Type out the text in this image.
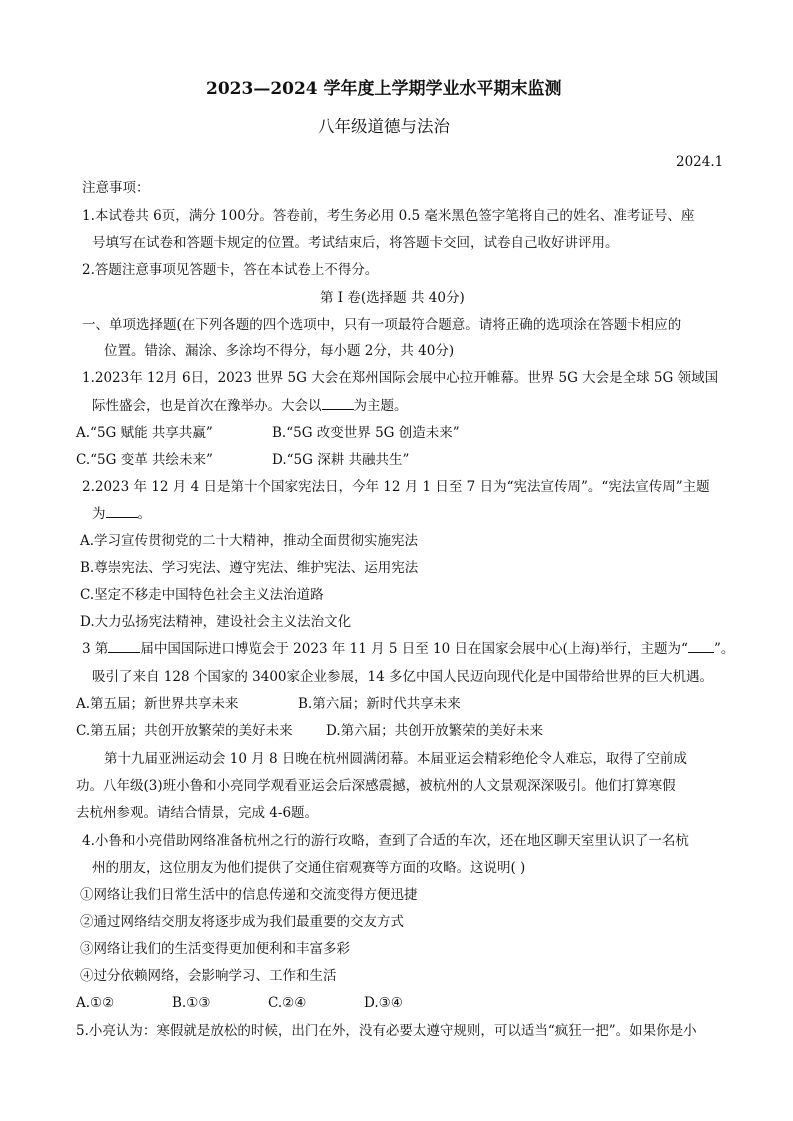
2023—2024 学年度上学期学业水平期末监测
八年级道德与法治
2024.1
注意事项：
1.本试卷共 6页，满分 100分。答卷前，考生务必用 0.5 毫米黑色签字笔将自己的姓名、准考证号、座
号填写在试卷和答题卡规定的位置。考试结束后，将答题卡交回，试卷自己收好讲评用。
2.答题注意事项见答题卡，答在本试卷上不得分。
第 I 卷(选择题 共 40分)
一、单项选择题(在下列各题的四个选项中，只有一项最符合题意。请将正确的选项涂在答题卡相应的
位置。错涂、漏涂、多涂均不得分，每小题 2分，共 40分)
1.2023年 12月 6日，2023 世界 5G 大会在郑州国际会展中心拉开帷幕。世界 5G 大会是全球 5G 领域国
际性盛会，也是首次在豫举办。大会以 为主题。
A.“5G 赋能 共享共赢”	B.“5G 改变世界 5G 创造未来”
C.“5G 变革 共绘未来”	D.“5G 深耕 共融共生”
2.2023 年 12 月 4 日是第十个国家宪法日，今年 12 月 1 日至 7 日为“宪法宣传周”。“宪法宣传周”主题
为 。
A.学习宣传贯彻党的二十大精神，推动全面贯彻实施宪法
B.尊崇宪法、学习宪法、遵守宪法、维护宪法、运用宪法
C.坚定不移走中国特色社会主义法治道路
D.大力弘扬宪法精神，建设社会主义法治文化
3 第 届中国国际进口博览会于 2023 年 11 月 5 日至 10 日在国家会展中心(上海)举行，主题为“ ”。
吸引了来自 128 个国家的 3400家企业参展，14 多亿中国人民迈向现代化是中国带给世界的巨大机遇。
A.第五届；新世界共享未来	B.第六届；新时代共享未来
C.第五届；共创开放繁荣的美好未来 D.第六届；共创开放繁荣的美好未来
第十九届亚洲运动会 10 月 8 日晚在杭州圆满闭幕。本届亚运会精彩绝伦令人难忘，取得了空前成
功。八年级(3)班小鲁和小亮同学观看亚运会后深感震撼，被杭州的人文景观深深吸引。他们打算寒假
去杭州参观。请结合情景，完成 4-6题。
4.小鲁和小亮借助网络准备杭州之行的游行攻略，查到了合适的车次，还在地区聊天室里认识了一名杭
州的朋友，这位朋友为他们提供了交通住宿观赛等方面的攻略。这说明( )
①网络让我们日常生活中的信息传递和交流变得方便迅捷
②通过网络结交朋友将逐步成为我们最重要的交友方式
③网络让我们的生活变得更加便利和丰富多彩
④过分依赖网络，会影响学习、工作和生活
A.①②	B.①③	C.②④	D.③④
5.小亮认为：寒假就是放松的时候，出门在外，没有必要太遵守规则，可以适当“疯狂一把”。如果你是小
